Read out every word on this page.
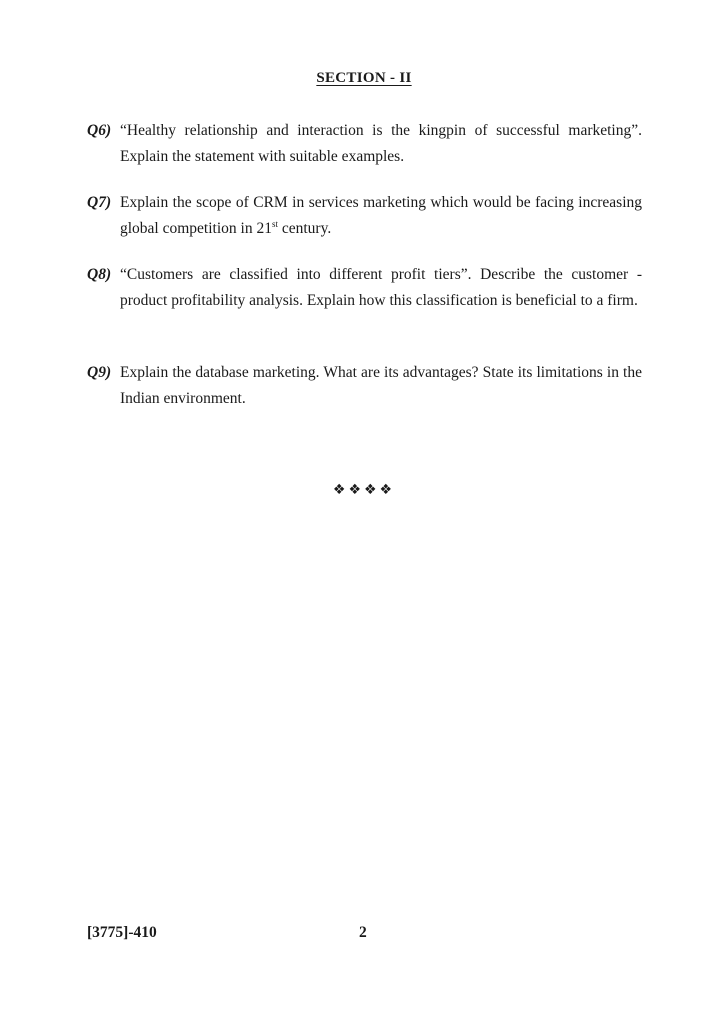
SECTION - II
Q6) “Healthy relationship and interaction is the kingpin of successful marketing”. Explain the statement with suitable examples.
Q7) Explain the scope of CRM in services marketing which would be facing increasing global competition in 21st century.
Q8) “Customers are classified into different profit tiers”. Describe the customer - product profitability analysis. Explain how this classification is beneficial to a firm.
Q9) Explain the database marketing. What are its advantages? State its limitations in the Indian environment.
❖❖❖❖
[3775]-410	2
